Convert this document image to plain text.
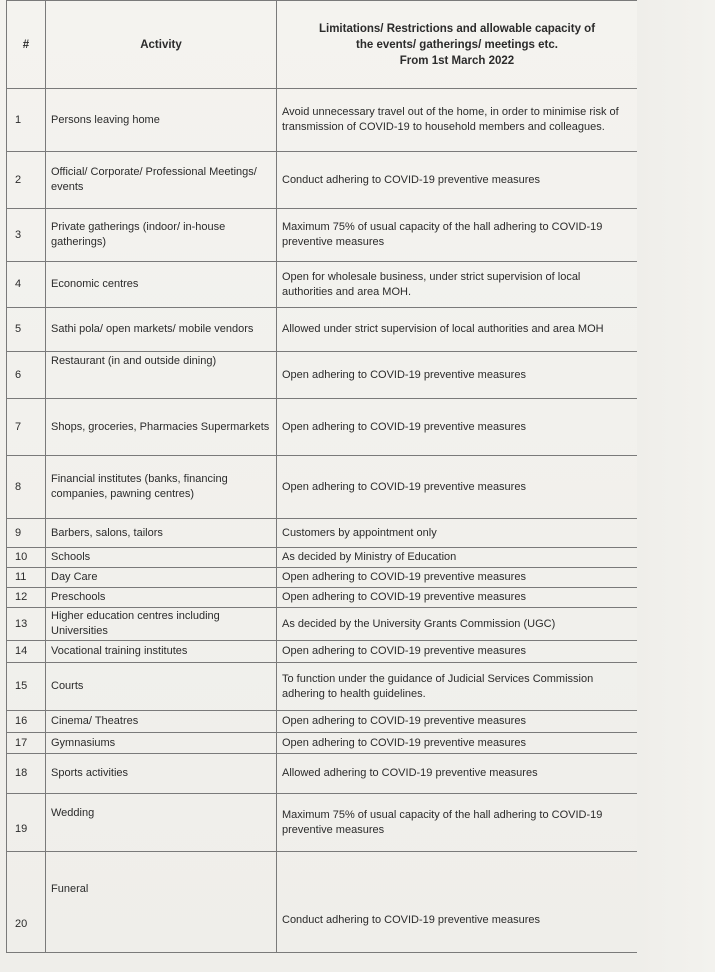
#	Activity	Limitations/ Restrictions and allowable capacity of
the events/ gatherings/ meetings etc.
From 1st March 2022
1	Persons leaving home	Avoid unnecessary travel out of the home, in order to minimise risk of transmission of COVID-19 to household members and colleagues.
2	Official/ Corporate/ Professional Meetings/ events	Conduct adhering to COVID-19 preventive measures
3	Private gatherings (indoor/ in-house gatherings)	Maximum 75% of usual capacity of the hall adhering to COVID-19 preventive measures
4	Economic centres	Open for wholesale business, under strict supervision of local authorities and area MOH.
5	Sathi pola/ open markets/ mobile vendors	Allowed under strict supervision of local authorities and area MOH
6	Restaurant (in and outside dining)	Open adhering to COVID-19 preventive measures
7	Shops, groceries, Pharmacies Supermarkets	Open adhering to COVID-19 preventive measures
8	Financial institutes (banks, financing companies, pawning centres)	Open adhering to COVID-19 preventive measures
9	Barbers, salons, tailors	Customers by appointment only
10	Schools	As decided by Ministry of Education
11	Day Care	Open adhering to COVID-19 preventive measures
12	Preschools	Open adhering to COVID-19 preventive measures
13	Higher education centres including Universities	As decided by the University Grants Commission (UGC)
14	Vocational training institutes	Open adhering to COVID-19 preventive measures
15	Courts	To function under the guidance of Judicial Services Commission adhering to health guidelines.
16	Cinema/ Theatres	Open adhering to COVID-19 preventive measures
17	Gymnasiums	Open adhering to COVID-19 preventive measures
18	Sports activities	Allowed adhering to COVID-19 preventive measures
19	Wedding	Maximum 75% of usual capacity of the hall adhering to COVID-19 preventive measures
20	Funeral	Conduct adhering to COVID-19 preventive measures
